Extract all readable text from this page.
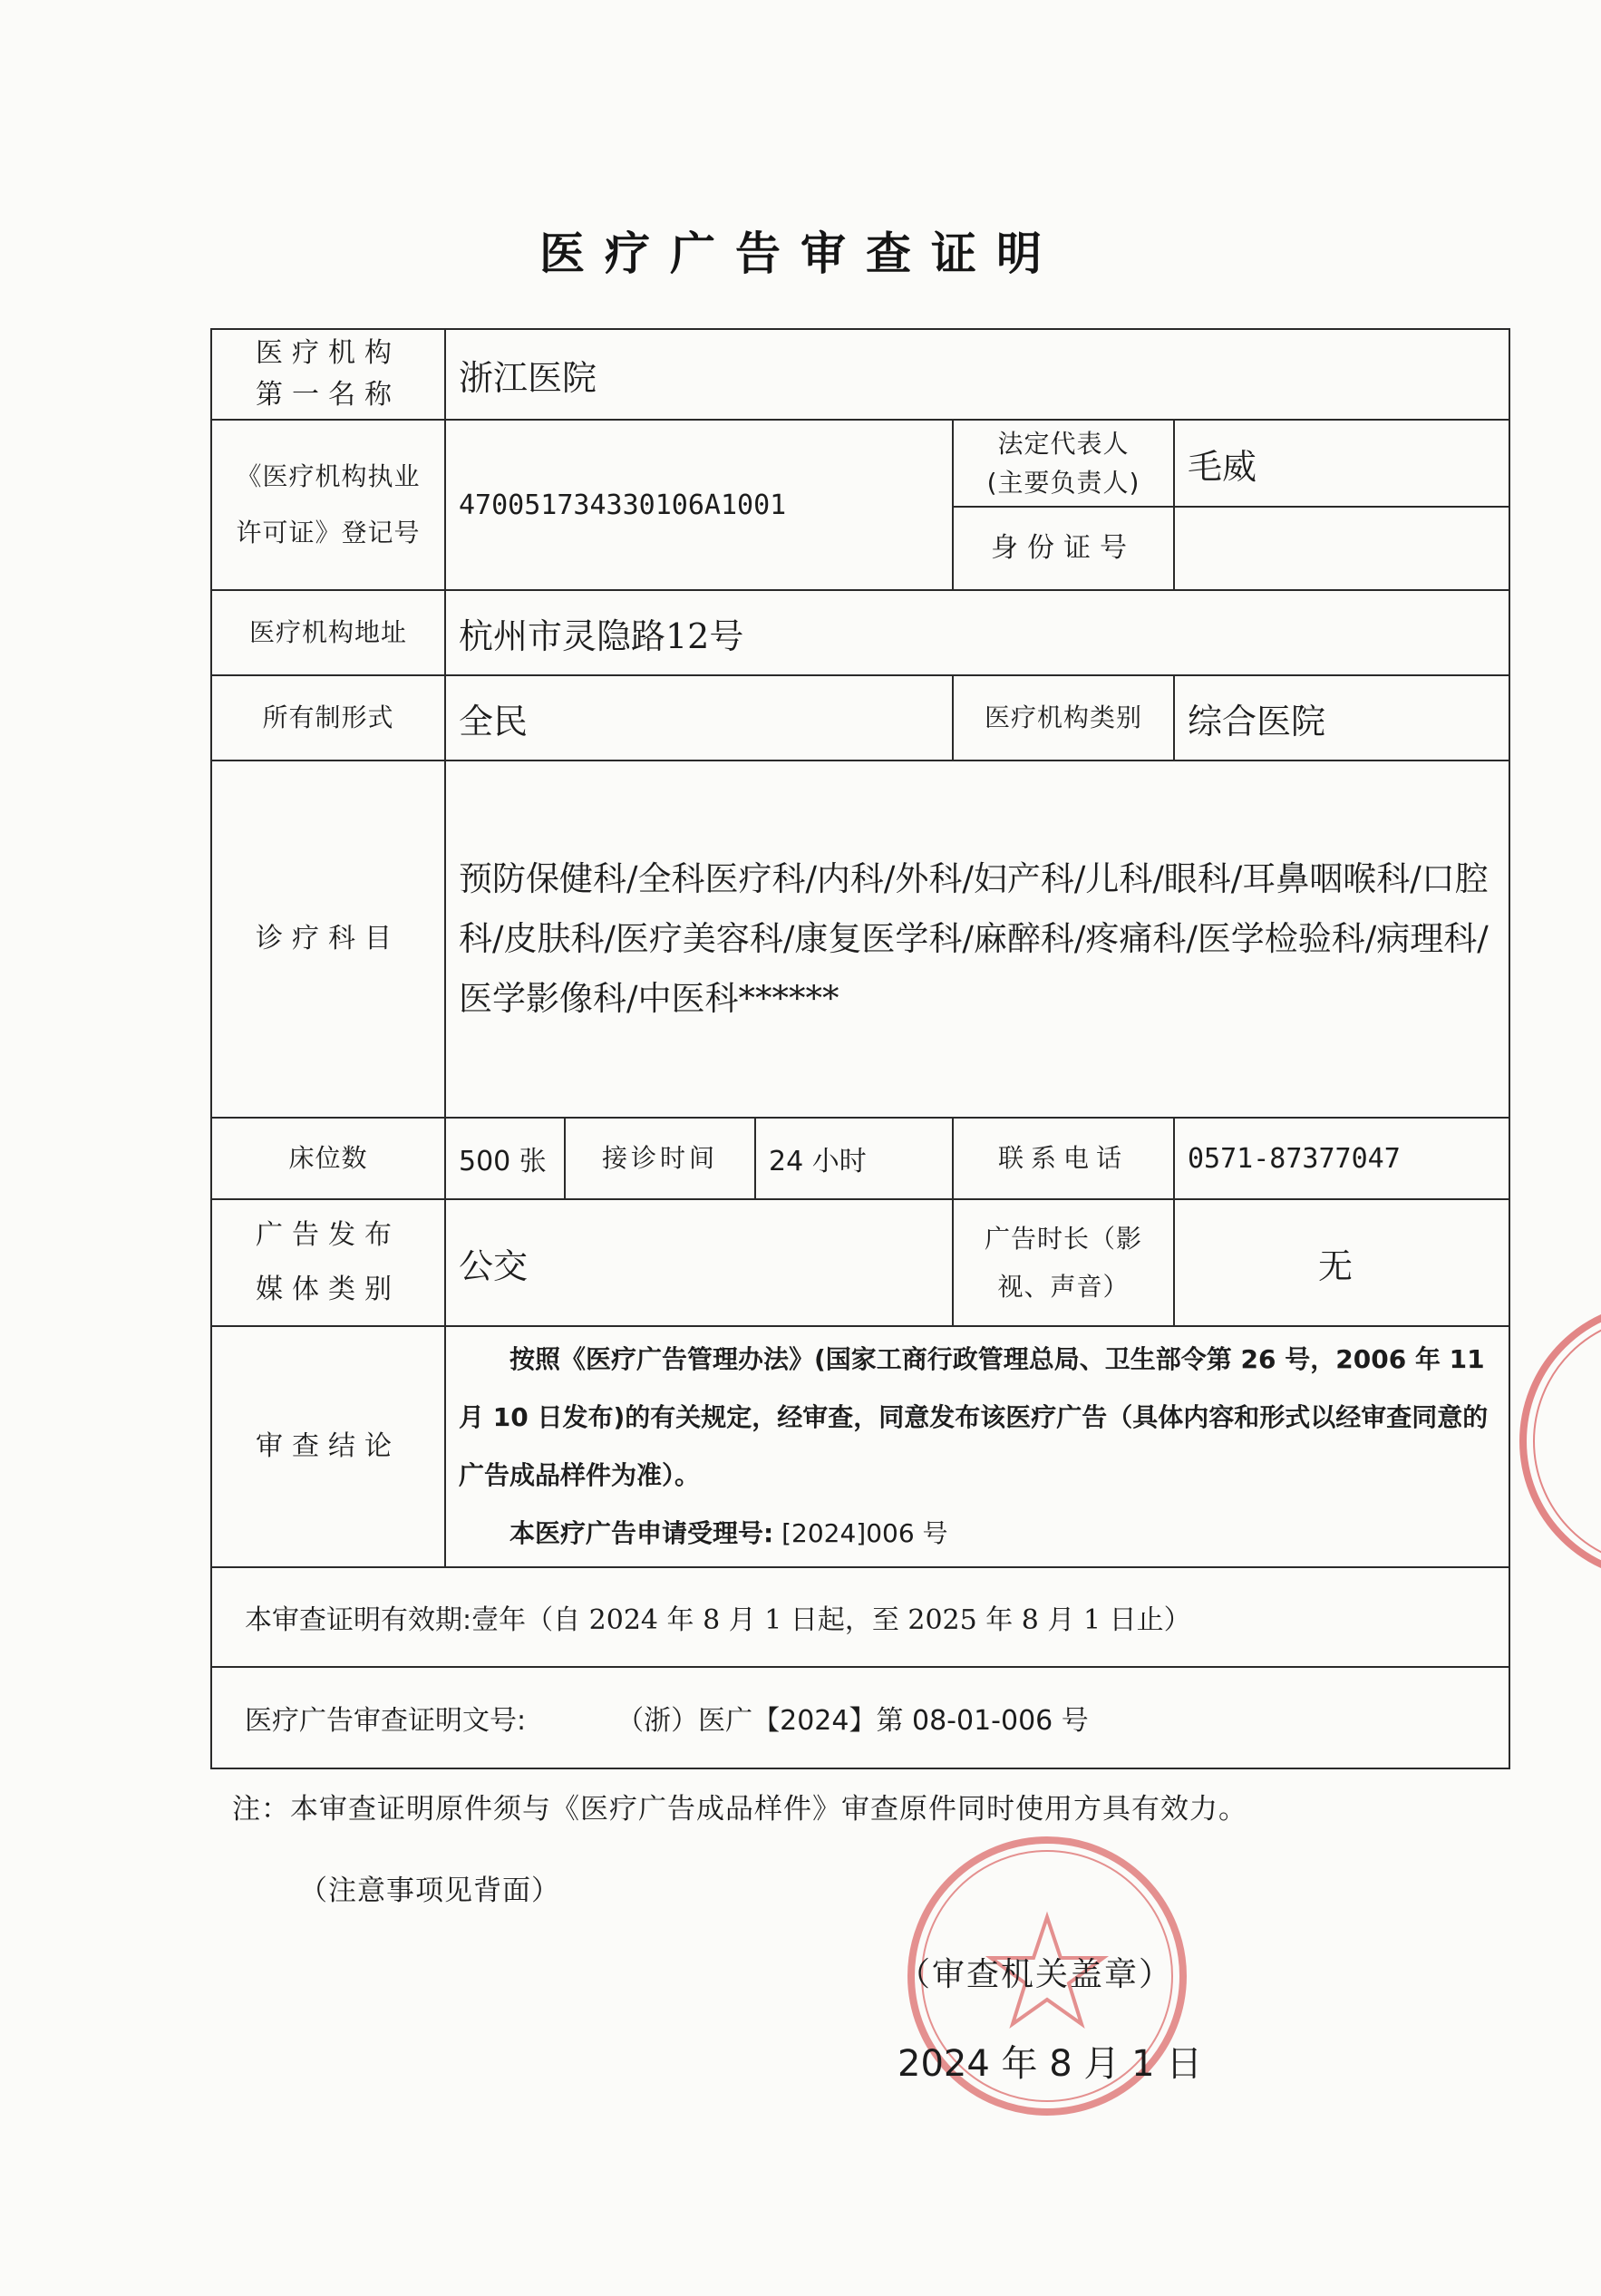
医疗广告审查证明
医疗机构
第一名称	浙江医院				
《医疗机构执业
许可证》登记号	470051734330106A1001			法定代表人
(主要负责人)	毛威
				身份证号	
医疗机构地址	杭州市灵隐路12号				
所有制形式	全民			医疗机构类别	综合医院
诊疗科目	预防保健科/全科医疗科/内科/外科/妇产科/儿科/眼科/耳鼻咽喉科/口腔科/皮肤科/医疗美容科/康复医学科/麻醉科/疼痛科/医学检验科/病理科/医学影像科/中医科******				
床位数	500 张	接诊时间	24 小时	联系电话	0571-87377047
广告发布
媒体类别	公交			广告时长（影
视、声音）	无
审查结论	按照《医疗广告管理办法》(国家工商行政管理总局、卫生部令第 26 号，2006 年 11 月 10 日发布)的有关规定，经审查，同意发布该医疗广告（具体内容和形式以经审查同意的广告成品样件为准）。
本医疗广告申请受理号: [2024]006 号				

本审查证明有效期:壹年（自 2024 年 8 月 1 日起，至 2025 年 8 月 1 日止）					
医疗广告审查证明文号: （浙）医广【2024】第 08-01-006 号					
注：本审查证明原件须与《医疗广告成品样件》审查原件同时使用方具有效力。
（注意事项见背面）
（审查机关盖章）
2024 年 8 月 1 日
